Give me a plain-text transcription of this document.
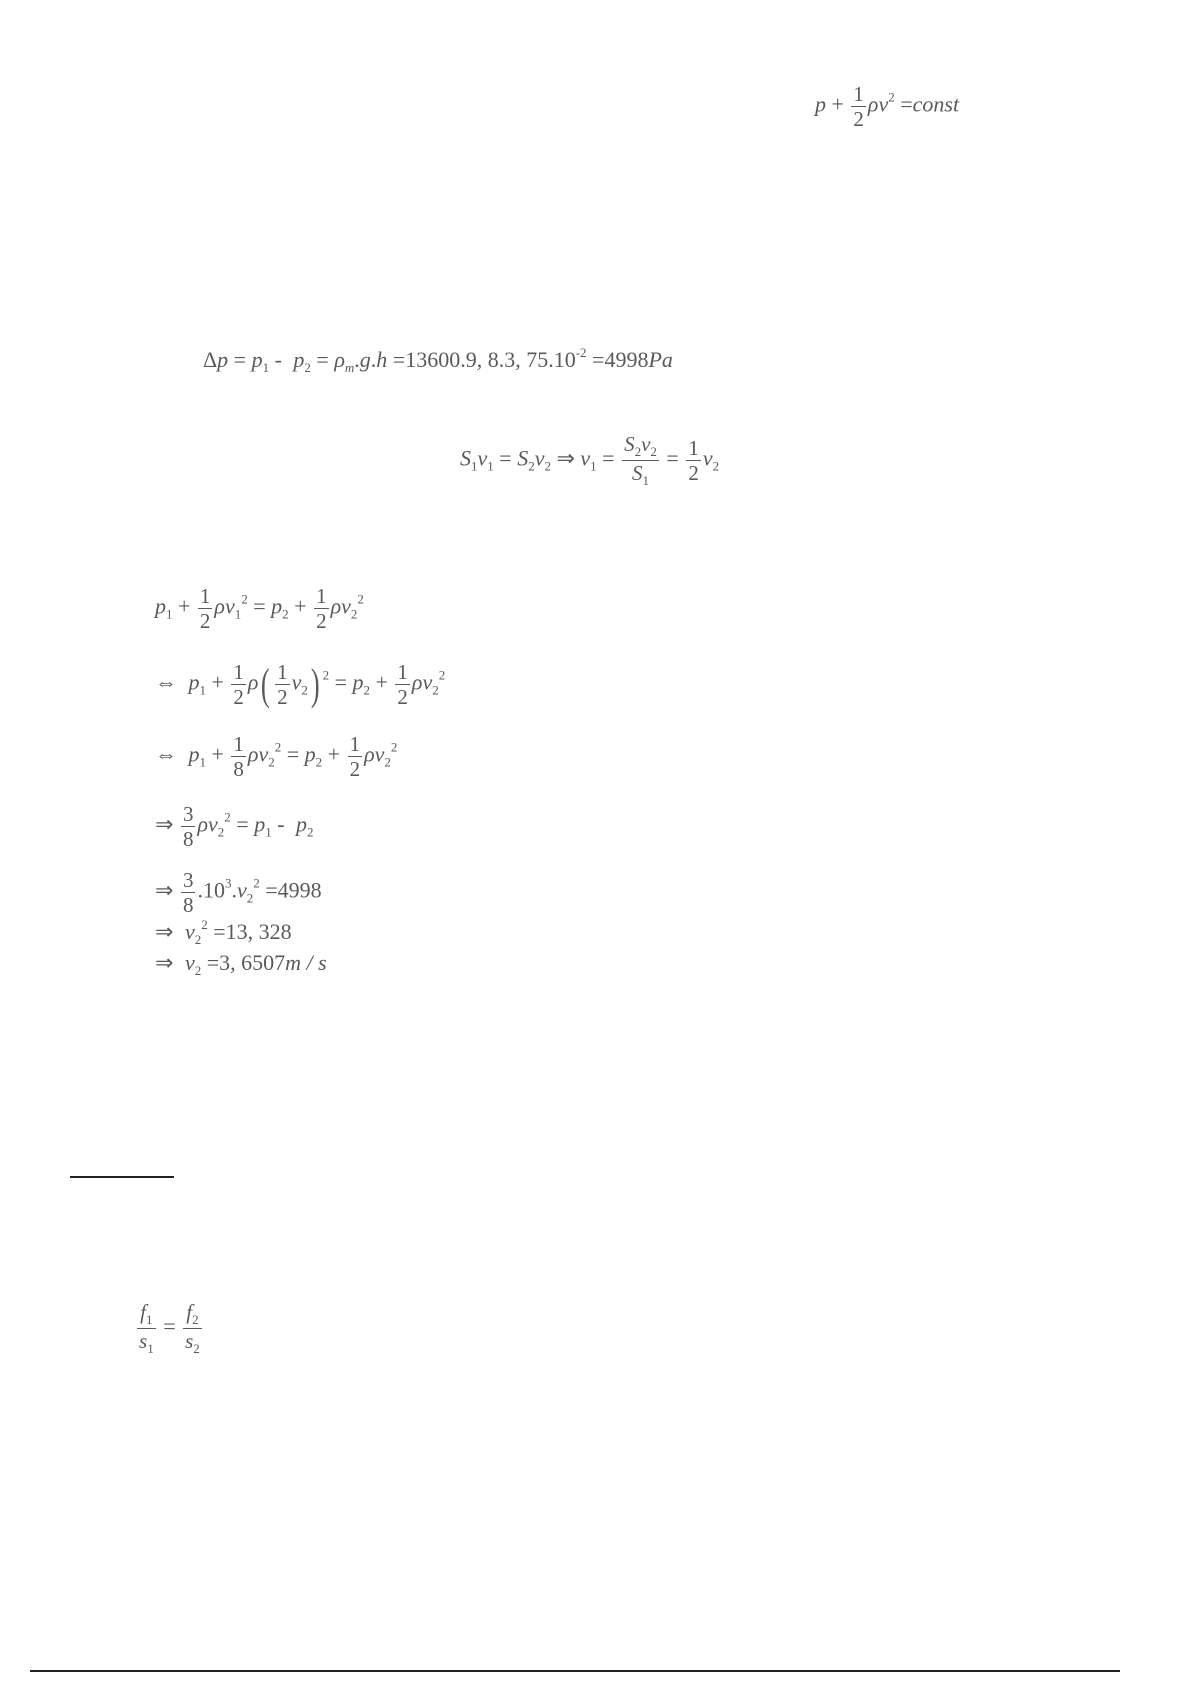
$p + \frac{1}{2} \rho v^2$ =const
$\Delta p = p_1 - p_2 = \rho_m.g.h =13600.9$, 8.3, $75.10^{-2} =4998Pa$
$S_1v_1 = S_2v_2$ ⇒ $v_1 = \frac{S_2v_2}{S_1} = \frac{1}{2} v_2$
$p_1 + \frac{1}{2} \rho v_1^2 = p_2 + \frac{1}{2} \rho v_2^2$
⇔ $p_1 + \frac{1}{2} \rho( \frac{1}{2} v_2) ^2 = p_2 + \frac{1}{2} \rho v_2^2$
⇔ $p_1 + \frac{1}{8} \rho v_2^2 = p_2 + \frac{1}{2} \rho v_2^2$
⇒ $\frac{3}{8} \rho v_2^2 = p_1 - p_2$
⇒ $\frac{3}{8} .10^3.v_2^2 =4998$
⇒ $v_2^2 =13$, 328
⇒ $v_2 =3$, 6507m / s
$\frac{f_1}{s_1} = \frac{f_2}{s_2}$
